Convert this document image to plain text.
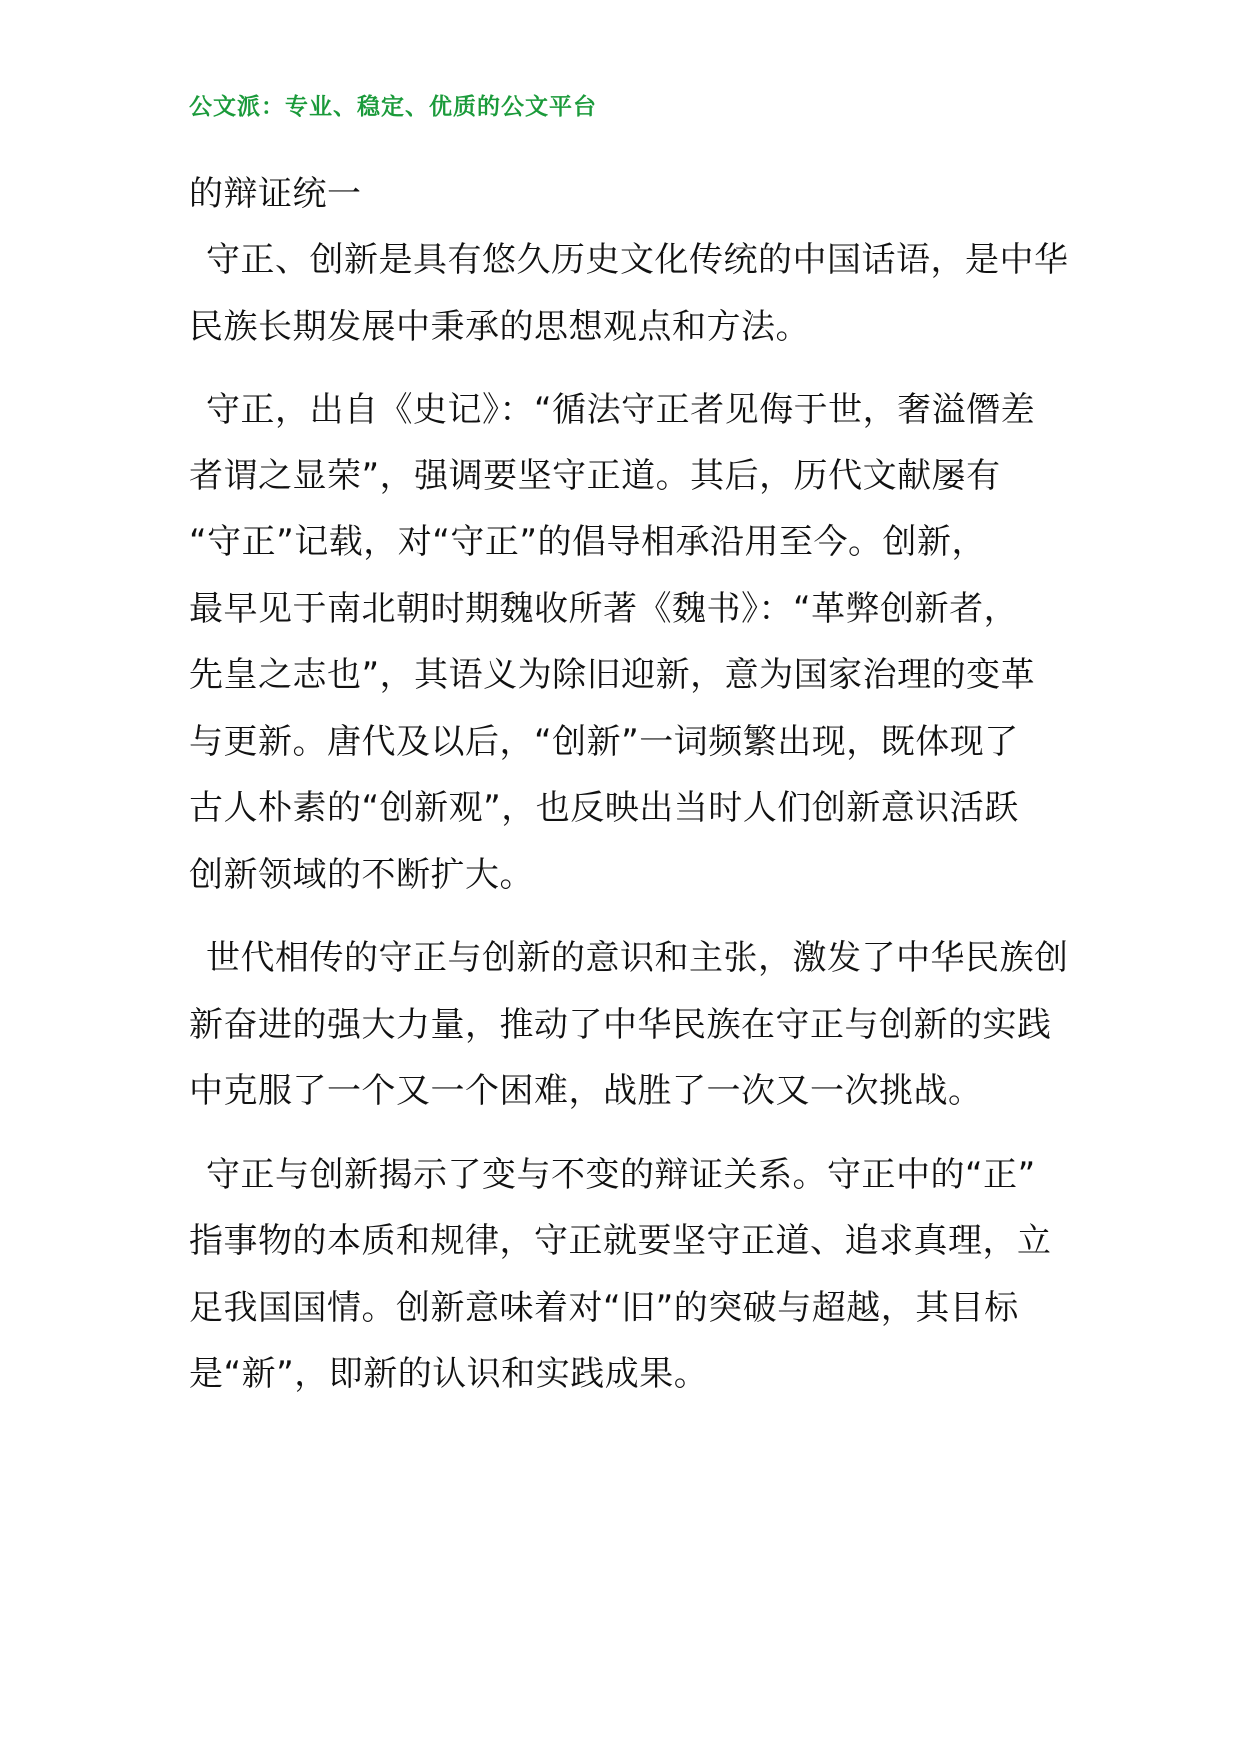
公文派：专业、稳定、优质的公文平台
的辩证统一
守正、创新是具有悠久历史文化传统的中国话语，是中华
民族长期发展中秉承的思想观点和方法。
守正，出自《史记》：“循法守正者见侮于世，奢溢僭差
者谓之显荣”，强调要坚守正道。其后，历代文献屡有
“守正”记载，对“守正”的倡导相承沿用至今。创新，
最早见于南北朝时期魏收所著《魏书》：“革弊创新者，
先皇之志也”，其语义为除旧迎新，意为国家治理的变革
与更新。唐代及以后，“创新”一词频繁出现，既体现了
古人朴素的“创新观”，也反映出当时人们创新意识活跃
创新领域的不断扩大。
世代相传的守正与创新的意识和主张，激发了中华民族创
新奋进的强大力量，推动了中华民族在守正与创新的实践
中克服了一个又一个困难，战胜了一次又一次挑战。
守正与创新揭示了变与不变的辩证关系。守正中的“正”
指事物的本质和规律，守正就要坚守正道、追求真理，立
足我国国情。创新意味着对“旧”的突破与超越，其目标
是“新”，即新的认识和实践成果。
